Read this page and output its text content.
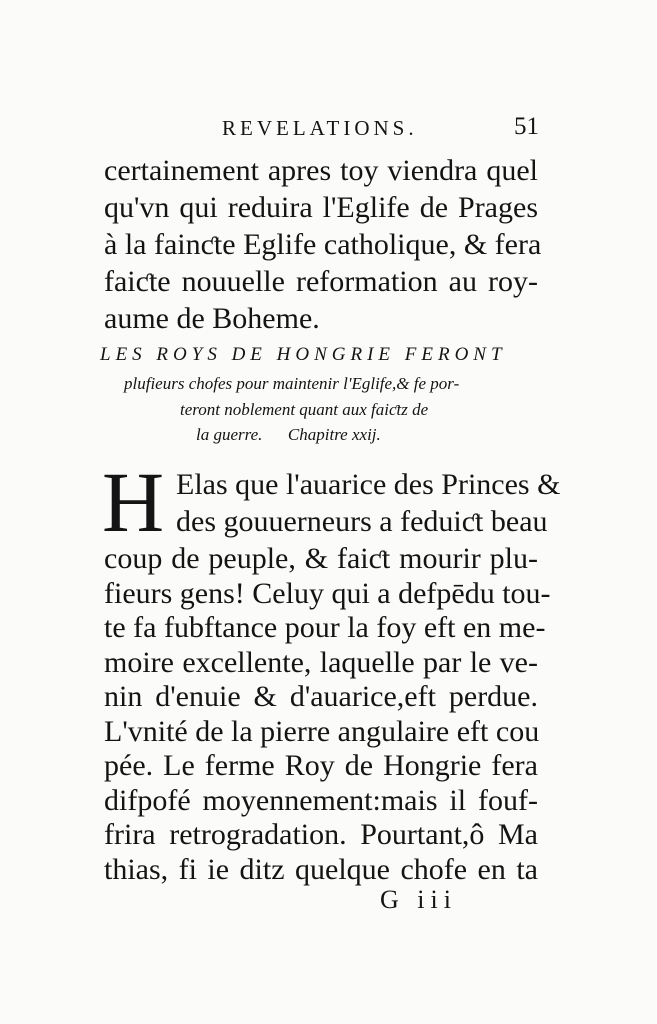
REVELATIONS.	51
certainement apres toy viendra quel
qu'vn qui reduira l'Eglife de Prages
à la fainƈte Eglife catholique, & fera
faiƈte nouuelle reformation au roy-
aume de Boheme.
LES ROYS DE HONGRIE FERONT
plufieurs chofes pour maintenir l'Eglife,& fe por-
teront noblement quant aux faiƈtz de
la guerre.      Chapitre xxij.
H Elas que l'auarice des Princes &
des gouuerneurs a feduiƈt beau
coup de peuple, & faiƈt mourir plu-
fieurs gens! Celuy qui a defpēdu tou-
te fa fubftance pour la foy eft en me-
moire excellente, laquelle par le ve-
nin d'enuie & d'auarice,eft perdue.
L'vnité de la pierre angulaire eft cou
pée. Le ferme Roy de Hongrie fera
difpofé moyennement:mais il fouf-
frira retrogradation. Pourtant,ô Ma
thias, fi ie ditz quelque chofe en ta
G iii
